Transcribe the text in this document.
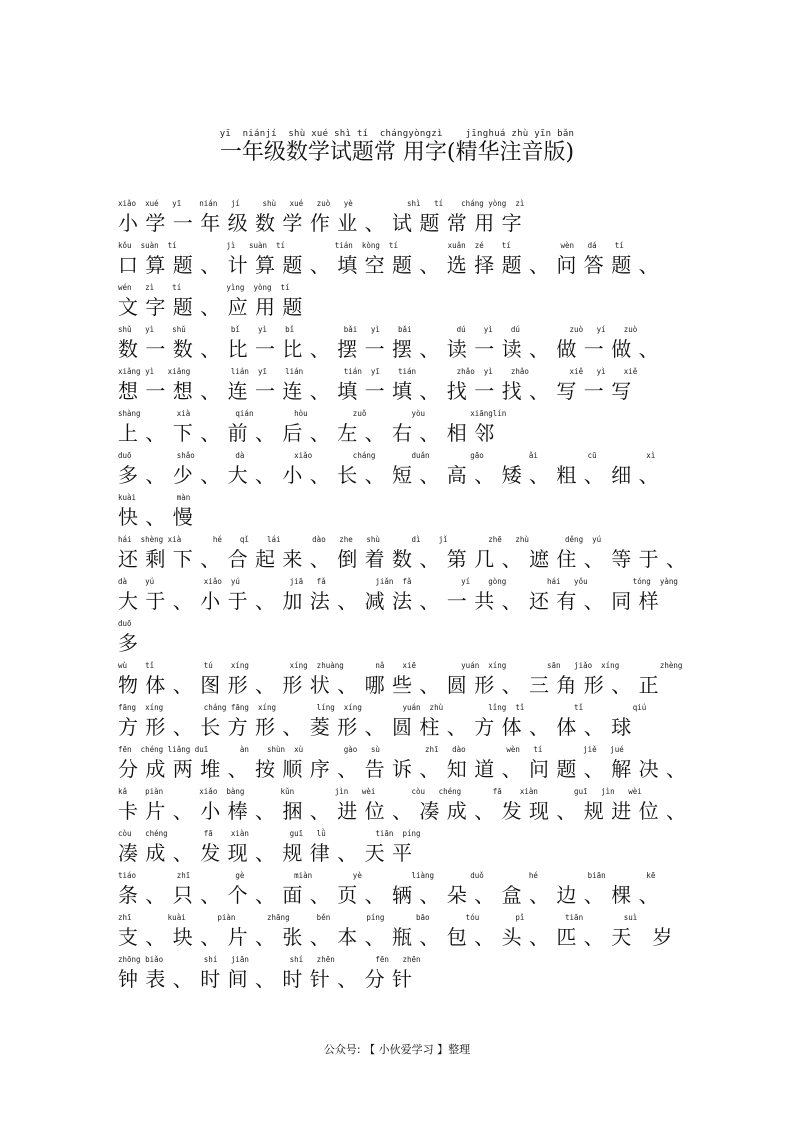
yī  niánjí  shù xué shì tí  chángyòngzì    jīnghuá zhù yīn bǎn
一年级数学试题常 用字(精华注音版)
xiǎo  xué   yī    nián   jí     shù   xué   zuò   yè            shì   tí    cháng yòng  zì
小学一年级数学作业、试题常用字
kǒu  suàn  tí           jì   suàn  tí           tián  kòng  tí           xuǎn  zé    tí           wèn   dá    tí
口算题、计算题、填空题、选择题、问答题、
wén   zì    tí          yìng  yòng  tí
文字题、应用题
shǔ   yì    shǔ          bǐ    yì    bǐ           bǎi   yì    bǎi          dú    yì    dú           zuò   yí    zuò
数一数、比一比、摆一摆、读一读、做一做、
xiǎng yì   xiǎng         lián  yī    lián         tián  yī    tián         zhǎo  yì    zhǎo         xiě   yì    xiě
想一想、连一连、填一填、找一找、写一写
shàng        xià          qián         hòu          zuǒ          yòu          xiānglín
上、下、前、后、左、右、相邻
duō          shǎo         dà           xiǎo         cháng        duǎn         gāo          ǎi           cū           xì
多、少、大、小、长、短、高、矮、粗、细、
kuài         màn
快、慢
hái  shèng xià       hé    qǐ    lái       dào   zhe   shù       dì    jǐ         zhē   zhù        děng  yú
还剩下、合起来、倒着数、第几、遮住、等于、
dà    yú           xiǎo  yú           jiā   fǎ           jiǎn  fǎ           yí    gòng         hái   yǒu          tóng  yàng
大于、小于、加法、减法、一共、还有、同样
duō
多
wù    tǐ           tú    xíng         xíng  zhuàng       nǎ    xiē          yuán  xíng         sān   jiǎo  xíng         zhèng
物体、图形、形状、哪些、圆形、三角形、正
fāng  xíng         cháng fāng  xíng         líng  xíng         yuán  zhù          lǐng  tǐ           tǐ           qiú
方形、长方形、菱形、圆柱、方体、体、球
fēn  chéng liǎng duī       àn    shùn  xù         gào   sù          zhī   dào         wèn   tí         jiě   jué
分成两堆、按顺序、告诉、知道、问题、解决、
kǎ    piàn        xiǎo  bàng        kǔn         jìn   wèi        còu   chéng       fā    xiàn        guī   jìn   wèi
卡片、小棒、捆、进位、凑成、发现、规进位、
còu   chéng        fā    xiàn         guī   lǜ           tiān  píng
凑成、发现、规律、天平
tiáo         zhī          gè           miàn         yè           liàng        duǒ          hé           biān         kē
条、只、个、面、页、辆、朵、盒、边、棵、
zhī        kuài       piàn       zhāng      běn        píng       bāo        tóu        pǐ         tiān         suì
支、块、片、张、本、瓶、包、头、匹、天 岁
zhōng biǎo         shí   jiān         shí   zhēn         fēn   zhēn
钟表、时间、时针、分针
公众号: 【 小伙爱学习 】整理
